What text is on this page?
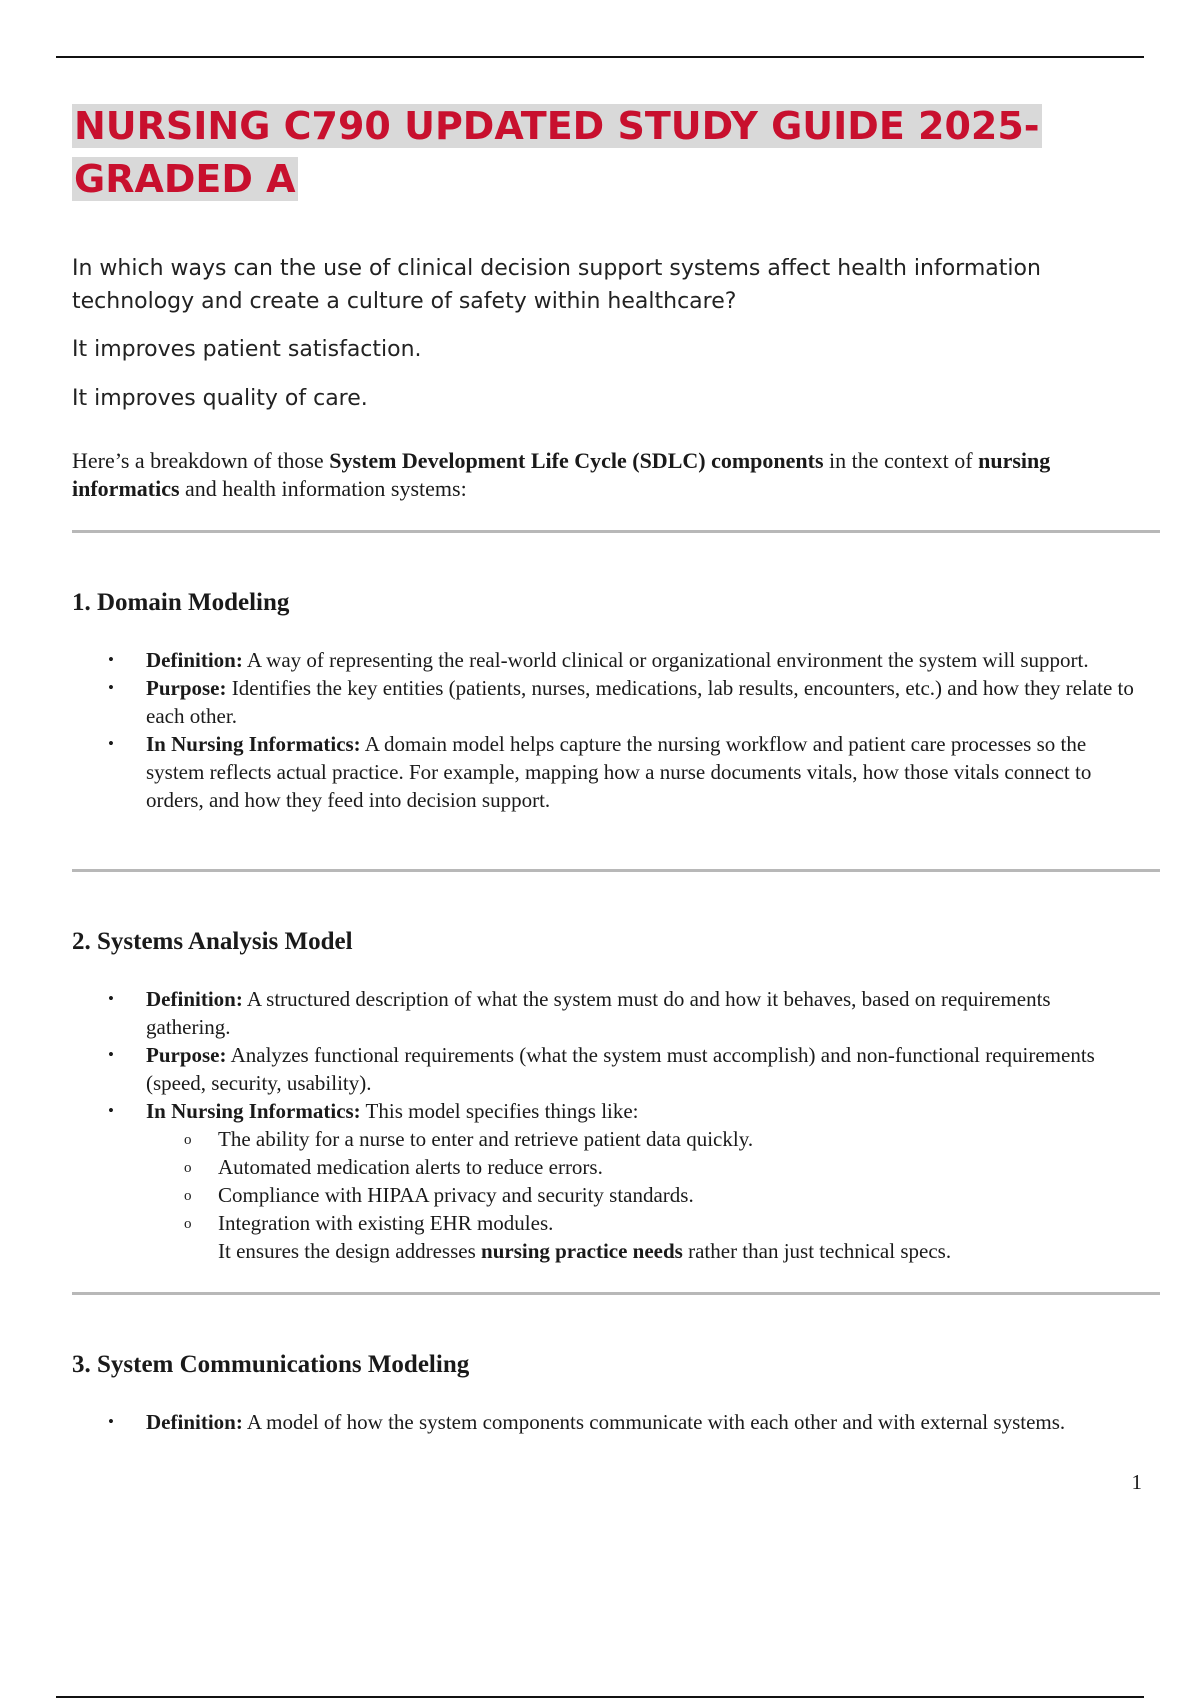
NURSING C790 UPDATED STUDY GUIDE 2025-
GRADED A

In which ways can the use of clinical decision support systems affect health information technology and create a culture of safety within healthcare?

It improves patient satisfaction.

It improves quality of care.

Here’s a breakdown of those System Development Life Cycle (SDLC) components in the context of nursing informatics and health information systems:

1. Domain Modeling
• Definition: A way of representing the real-world clinical or organizational environment the system will support.
• Purpose: Identifies the key entities (patients, nurses, medications, lab results, encounters, etc.) and how they relate to each other.
• In Nursing Informatics: A domain model helps capture the nursing workflow and patient care processes so the system reflects actual practice. For example, mapping how a nurse documents vitals, how those vitals connect to orders, and how they feed into decision support.
2. Systems Analysis Model
• Definition: A structured description of what the system must do and how it behaves, based on requirements gathering.
• Purpose: Analyzes functional requirements (what the system must accomplish) and non-functional requirements (speed, security, usability).
• In Nursing Informatics: This model specifies things like:
o The ability for a nurse to enter and retrieve patient data quickly.
o Automated medication alerts to reduce errors.
o Compliance with HIPAA privacy and security standards.
o Integration with existing EHR modules.
It ensures the design addresses nursing practice needs rather than just technical specs.
3. System Communications Modeling
• Definition: A model of how the system components communicate with each other and with external systems.
1
